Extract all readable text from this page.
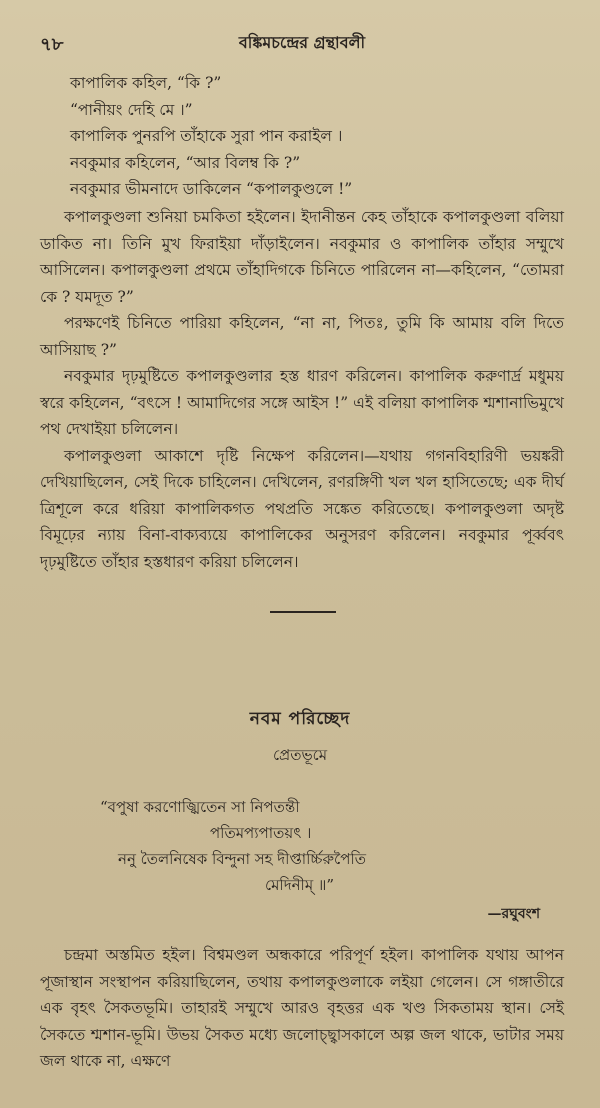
৭৮	বঙ্কিমচন্দ্রের গ্রন্থাবলী

কাপালিক কহিল, “কি ?”

“পানীয়ং দেহি মে ।”

কাপালিক পুনরপি তাঁহাকে সুরা পান করাইল ।

নবকুমার কহিলেন, “আর বিলম্ব কি ?”

নবকুমার ভীমনাদে ডাকিলেন “কপালকুণ্ডলে !”

কপালকুণ্ডলা শুনিয়া চমকিতা হইলেন। ইদানীন্তন কেহ তাঁহাকে কপালকুণ্ডলা বলিয়া ডাকিত না। তিনি মুখ ফিরাইয়া দাঁড়াইলেন। নবকুমার ও কাপালিক তাঁহার সম্মুখে আসিলেন। কপালকুণ্ডলা প্রথমে তাঁহাদিগকে চিনিতে পারিলেন না—কহিলেন, “তোমরা কে ? যমদূত ?”

পরক্ষণেই চিনিতে পারিয়া কহিলেন, “না না, পিতঃ, তুমি কি আমায় বলি দিতে আসিয়াছ ?”

নবকুমার দৃঢ়মুষ্টিতে কপালকুণ্ডলার হস্ত ধারণ করিলেন। কাপালিক করুণার্দ্র মধুময় স্বরে কহিলেন, “বৎসে ! আমাদিগের সঙ্গে আইস !” এই বলিয়া কাপালিক শ্মশানাভিমুখে পথ দেখাইয়া চলিলেন।

কপালকুণ্ডলা আকাশে দৃষ্টি নিক্ষেপ করিলেন।—যথায় গগনবিহারিণী ভয়ঙ্করী দেখিয়াছিলেন, সেই দিকে চাহিলেন। দেখিলেন, রণরঙ্গিণী খল খল হাসিতেছে; এক দীর্ঘ ত্রিশূলে করে ধরিয়া কাপালিকগত পথপ্রতি সঙ্কেত করিতেছে। কপালকুণ্ডলা অদৃষ্ট বিমূঢ়ের ন্যায় বিনা-বাক্যব্যয়ে কাপালিকের অনুসরণ করিলেন। নবকুমার পূর্ব্ববৎ দৃঢ়মুষ্টিতে তাঁহার হস্তধারণ করিয়া চলিলেন।

নবম পরিচ্ছেদ
প্রেতভূমে
“বপুষা করণোজ্ঝিতেন সা নিপতন্তী
পতিমপ্যপাতয়ৎ ।
ননু তৈলনিষেক বিন্দুনা সহ দীপ্তার্চ্চিরুপৈতি
মেদিনীম্ ॥”
—রঘুবংশ

চন্দ্রমা অস্তমিত হইল। বিশ্বমণ্ডল অন্ধকারে পরিপূর্ণ হইল। কাপালিক যথায় আপন পূজাস্থান সংস্থাপন করিয়াছিলেন, তথায় কপালকুণ্ডলাকে লইয়া গেলেন। সে গঙ্গাতীরে এক বৃহৎ সৈকতভূমি। তাহারই সম্মুখে আরও বৃহত্তর এক খণ্ড সিকতাময় স্থান। সেই সৈকতে শ্মশান-ভূমি। উভয় সৈকত মধ্যে জলোচ্ছ্বাসকালে অল্প জল থাকে, ভাটার সময় জল থাকে না, এক্ষণে
